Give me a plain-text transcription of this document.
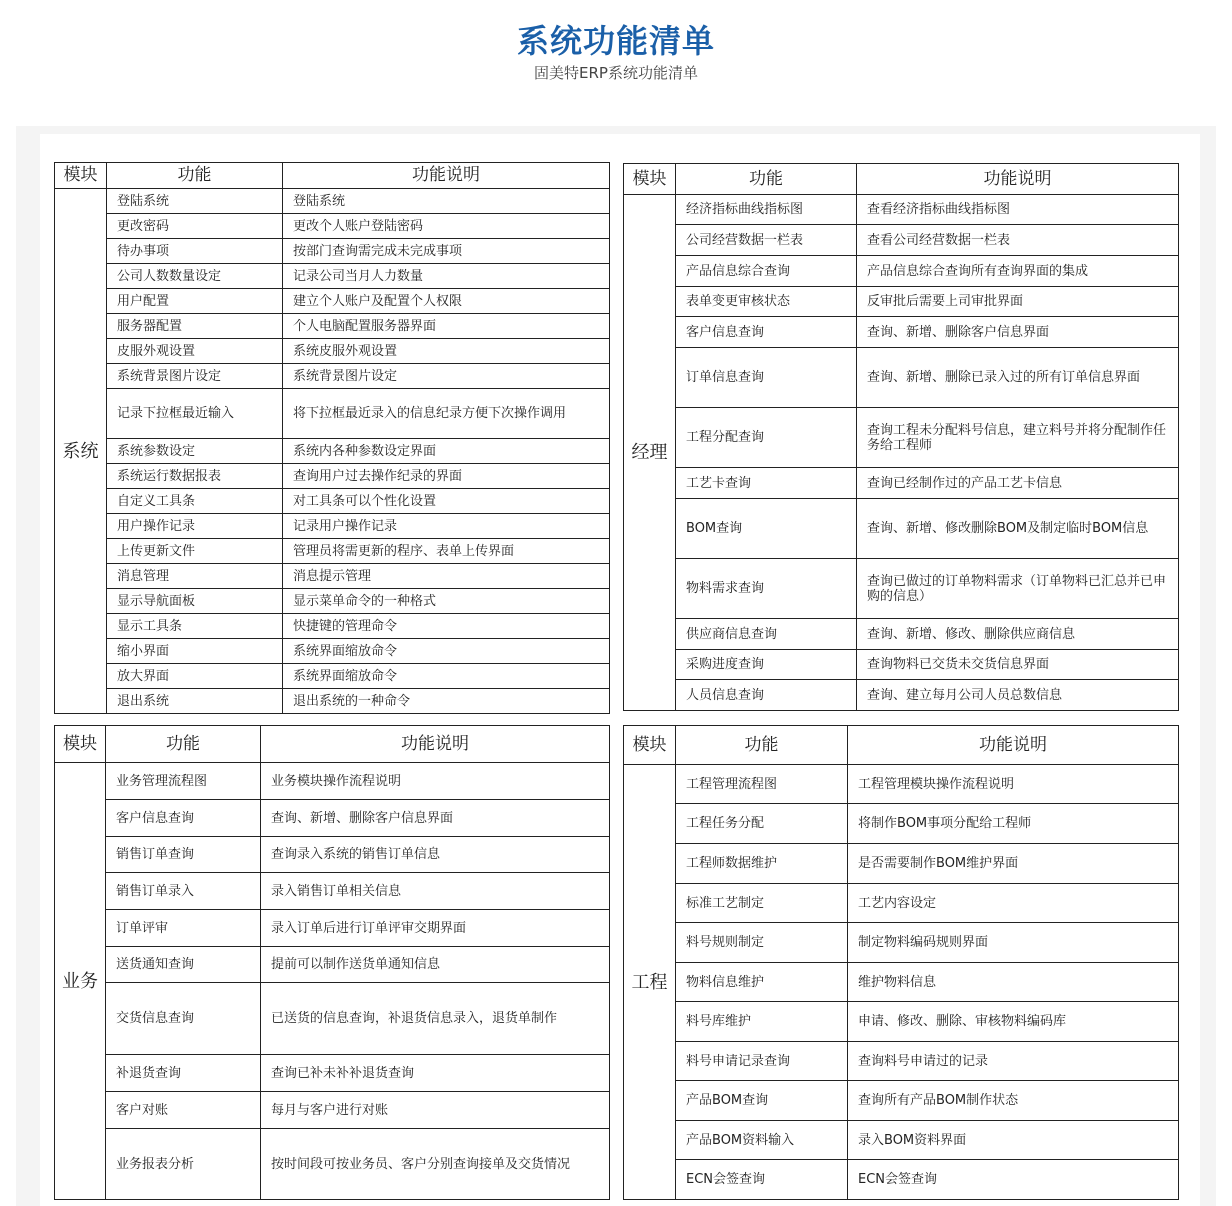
系统功能清单
固美特ERP系统功能清单
模块	功能	功能说明
系统	登陆系统	登陆系统
	更改密码	更改个人账户登陆密码
	待办事项	按部门查询需完成未完成事项
	公司人数数量设定	记录公司当月人力数量
	用户配置	建立个人账户及配置个人权限
	服务器配置	个人电脑配置服务器界面
	皮服外观设置	系统皮服外观设置
	系统背景图片设定	系统背景图片设定
	记录下拉框最近输入	将下拉框最近录入的信息纪录方便下次操作调用
	系统参数设定	系统内各种参数设定界面
	系统运行数据报表	查询用户过去操作纪录的界面
	自定义工具条	对工具条可以个性化设置
	用户操作记录	记录用户操作记录
	上传更新文件	管理员将需更新的程序、表单上传界面
	消息管理	消息提示管理
	显示导航面板	显示菜单命令的一种格式
	显示工具条	快捷键的管理命令
	缩小界面	系统界面缩放命令
	放大界面	系统界面缩放命令
	退出系统	退出系统的一种命令
模块	功能	功能说明
经理	经济指标曲线指标图	查看经济指标曲线指标图
	公司经营数据一栏表	查看公司经营数据一栏表
	产品信息综合查询	产品信息综合查询所有查询界面的集成
	表单变更审核状态	反审批后需要上司审批界面
	客户信息查询	查询、新增、删除客户信息界面
	订单信息查询	查询、新增、删除已录入过的所有订单信息界面
	工程分配查询	查询工程未分配料号信息，建立料号并将分配制作任务给工程师
	工艺卡查询	查询已经制作过的产品工艺卡信息
	BOM查询	查询、新增、修改删除BOM及制定临时BOM信息
	物料需求查询	查询已做过的订单物料需求（订单物料已汇总并已申购的信息）
	供应商信息查询	查询、新增、修改、删除供应商信息
	采购进度查询	查询物料已交货未交货信息界面
	人员信息查询	查询、建立每月公司人员总数信息
模块	功能	功能说明
业务	业务管理流程图	业务模块操作流程说明
	客户信息查询	查询、新增、删除客户信息界面
	销售订单查询	查询录入系统的销售订单信息
	销售订单录入	录入销售订单相关信息
	订单评审	录入订单后进行订单评审交期界面
	送货通知查询	提前可以制作送货单通知信息
	交货信息查询	已送货的信息查询，补退货信息录入，退货单制作
	补退货查询	查询已补未补补退货查询
	客户对账	每月与客户进行对账
	业务报表分析	按时间段可按业务员、客户分别查询接单及交货情况
模块	功能	功能说明
工程	工程管理流程图	工程管理模块操作流程说明
	工程任务分配	将制作BOM事项分配给工程师
	工程师数据维护	是否需要制作BOM维护界面
	标准工艺制定	工艺内容设定
	料号规则制定	制定物料编码规则界面
	物料信息维护	维护物料信息
	料号库维护	申请、修改、删除、审核物料编码库
	料号申请记录查询	查询料号申请过的记录
	产品BOM查询	查询所有产品BOM制作状态
	产品BOM资料输入	录入BOM资料界面
	ECN会签查询	ECN会签查询
